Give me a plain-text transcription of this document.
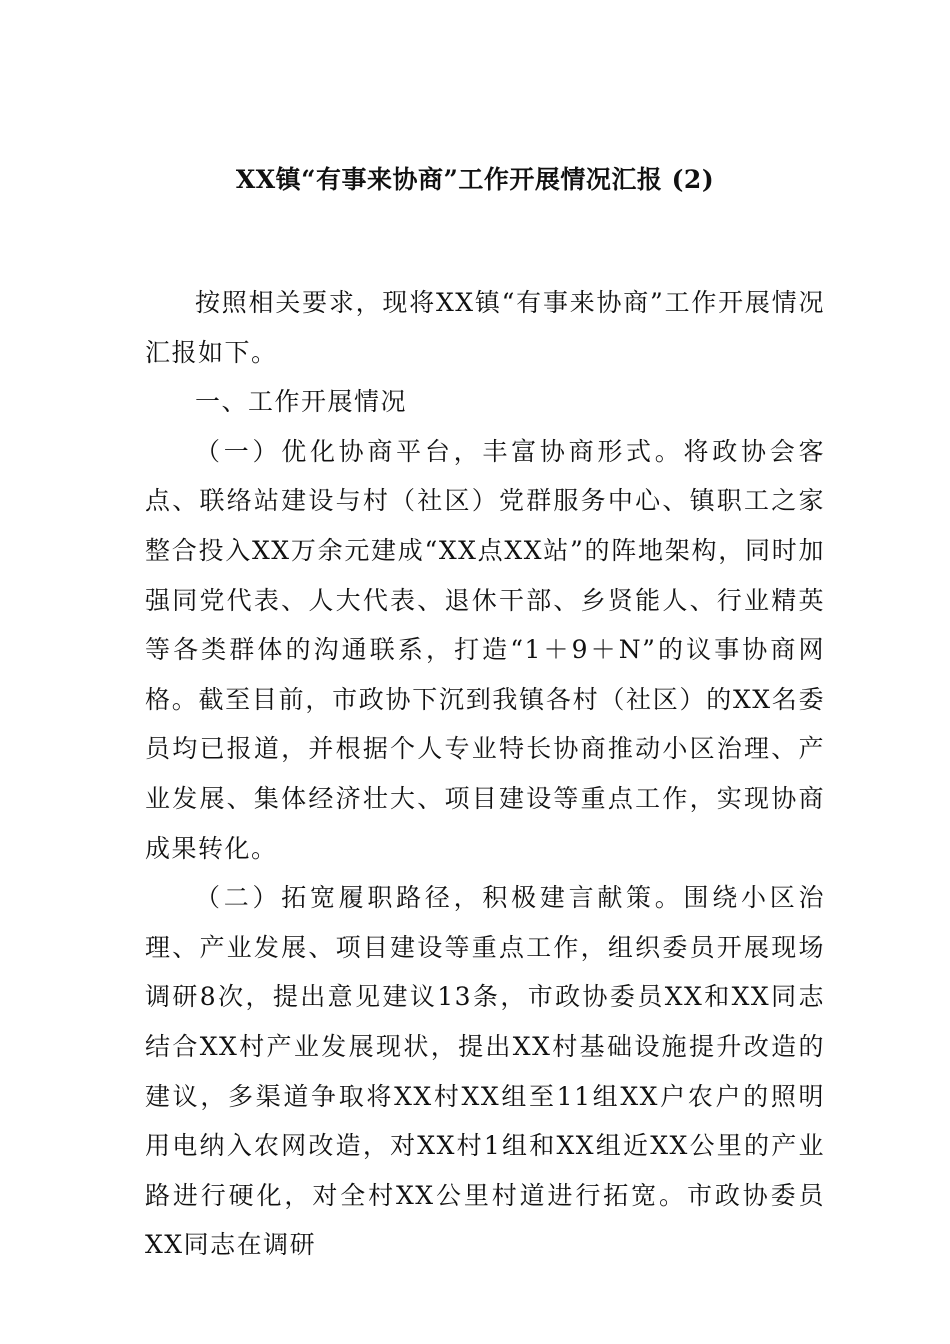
XX镇“有事来协商”工作开展情况汇报 (2)

按照相关要求，现将XX镇“有事来协商”工作开展情况汇报如下。

一、工作开展情况

（一）优化协商平台，丰富协商形式。将政协会客点、联络站建设与村（社区）党群服务中心、镇职工之家整合投入XX万余元建成“XX点XX站”的阵地架构，同时加强同党代表、人大代表、退休干部、乡贤能人、行业精英等各类群体的沟通联系，打造“1＋9＋N”的议事协商网格。截至目前，市政协下沉到我镇各村（社区）的XX名委员均已报道，并根据个人专业特长协商推动小区治理、产业发展、集体经济壮大、项目建设等重点工作，实现协商成果转化。

（二）拓宽履职路径，积极建言献策。围绕小区治理、产业发展、项目建设等重点工作，组织委员开展现场调研8次，提出意见建议13条，市政协委员XX和XX同志结合XX村产业发展现状，提出XX村基础设施提升改造的建议，多渠道争取将XX村XX组至11组XX户农户的照明用电纳入农网改造，对XX村1组和XX组近XX公里的产业路进行硬化，对全村XX公里村道进行拓宽。市政协委员XX同志在调研
